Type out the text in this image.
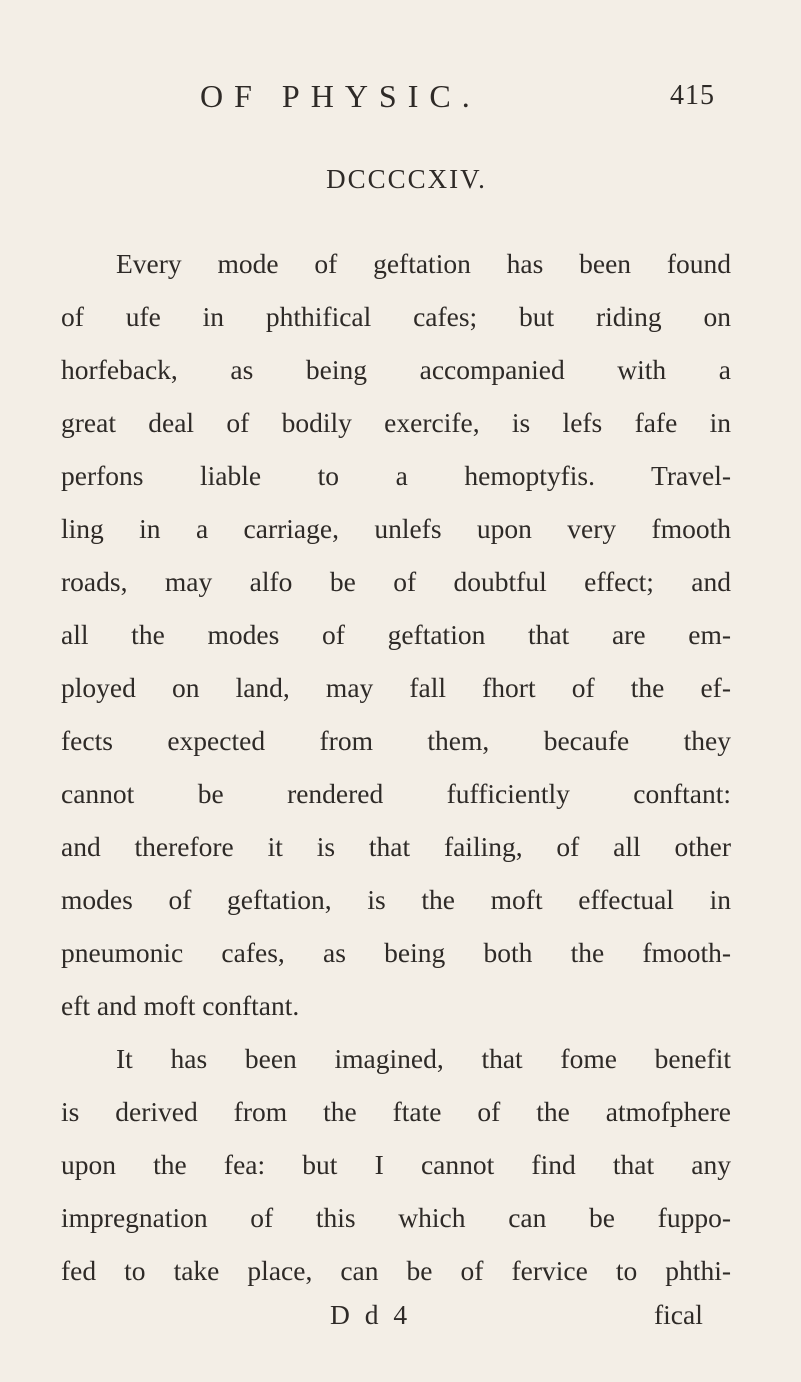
OF PHYSIC.	415
DCCCCXIV.
Every mode of geftation has been found
of ufe in phthifical cafes; but riding on
horfeback, as being accompanied with a
great deal of bodily exercife, is lefs fafe in
perfons liable to a hemoptyfis. Travel-
ling in a carriage, unlefs upon very fmooth
roads, may alfo be of doubtful effect; and
all the modes of geftation that are em-
ployed on land, may fall fhort of the ef-
fects expected from them, becaufe they
cannot be rendered fufficiently conftant:
and therefore it is that failing, of all other
modes of geftation, is the moft effectual in
pneumonic cafes, as being both the fmooth-
eft and moft conftant.
It has been imagined, that fome benefit
is derived from the ftate of the atmofphere
upon the fea: but I cannot find that any
impregnation of this which can be fuppo-
fed to take place, can be of fervice to phthi-
D d 4	fical
